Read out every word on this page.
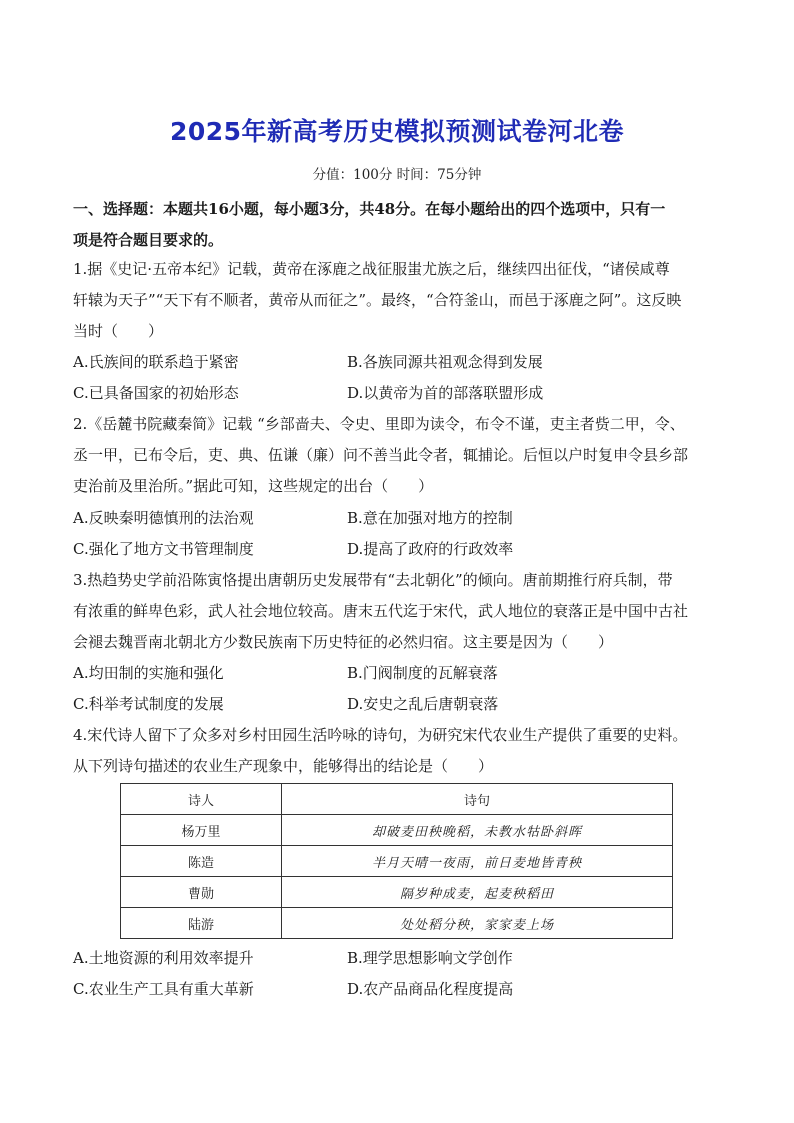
2025年新高考历史模拟预测试卷河北卷
分值：100分 时间：75分钟
一、选择题：本题共16小题，每小题3分，共48分。在每小题给出的四个选项中，只有一
项是符合题目要求的。
1.据《史记·五帝本纪》记载，黄帝在涿鹿之战征服蚩尤族之后，继续四出征伐，“诸侯咸尊
轩辕为天子”“天下有不顺者，黄帝从而征之”。最终，“合符釜山，而邑于涿鹿之阿”。这反映
当时（　　）
A.氏族间的联系趋于紧密	B.各族同源共祖观念得到发展
C.已具备国家的初始形态	D.以黄帝为首的部落联盟形成
2.《岳麓书院藏秦简》记载 “乡部啬夫、令史、里即为读令，布令不谨，吏主者赀二甲，令、
丞一甲，已布令后，吏、典、伍谦（廉）问不善当此令者，辄捕论。后恒以户时复申令县乡部
吏治前及里治所。”据此可知，这些规定的出台（　　）
A.反映秦明德慎刑的法治观	B.意在加强对地方的控制
C.强化了地方文书管理制度	D.提高了政府的行政效率
3.热趋势史学前沿陈寅恪提出唐朝历史发展带有“去北朝化”的倾向。唐前期推行府兵制，带
有浓重的鲜卑色彩，武人社会地位较高。唐末五代迄于宋代，武人地位的衰落正是中国中古社
会褪去魏晋南北朝北方少数民族南下历史特征的必然归宿。这主要是因为（　　）
A.均田制的实施和强化	B.门阀制度的瓦解衰落
C.科举考试制度的发展	D.安史之乱后唐朝衰落
4.宋代诗人留下了众多对乡村田园生活吟咏的诗句，为研究宋代农业生产提供了重要的史料。
从下列诗句描述的农业生产现象中，能够得出的结论是（　　）
诗人	诗句
杨万里	却破麦田秧晚稻，未教水牯卧斜晖
陈造	半月天晴一夜雨，前日麦地皆青秧
曹勋	隔岁种成麦，起麦秧稻田
陆游	处处稻分秧，家家麦上场
A.土地资源的利用效率提升	B.理学思想影响文学创作
C.农业生产工具有重大革新	D.农产品商品化程度提高
